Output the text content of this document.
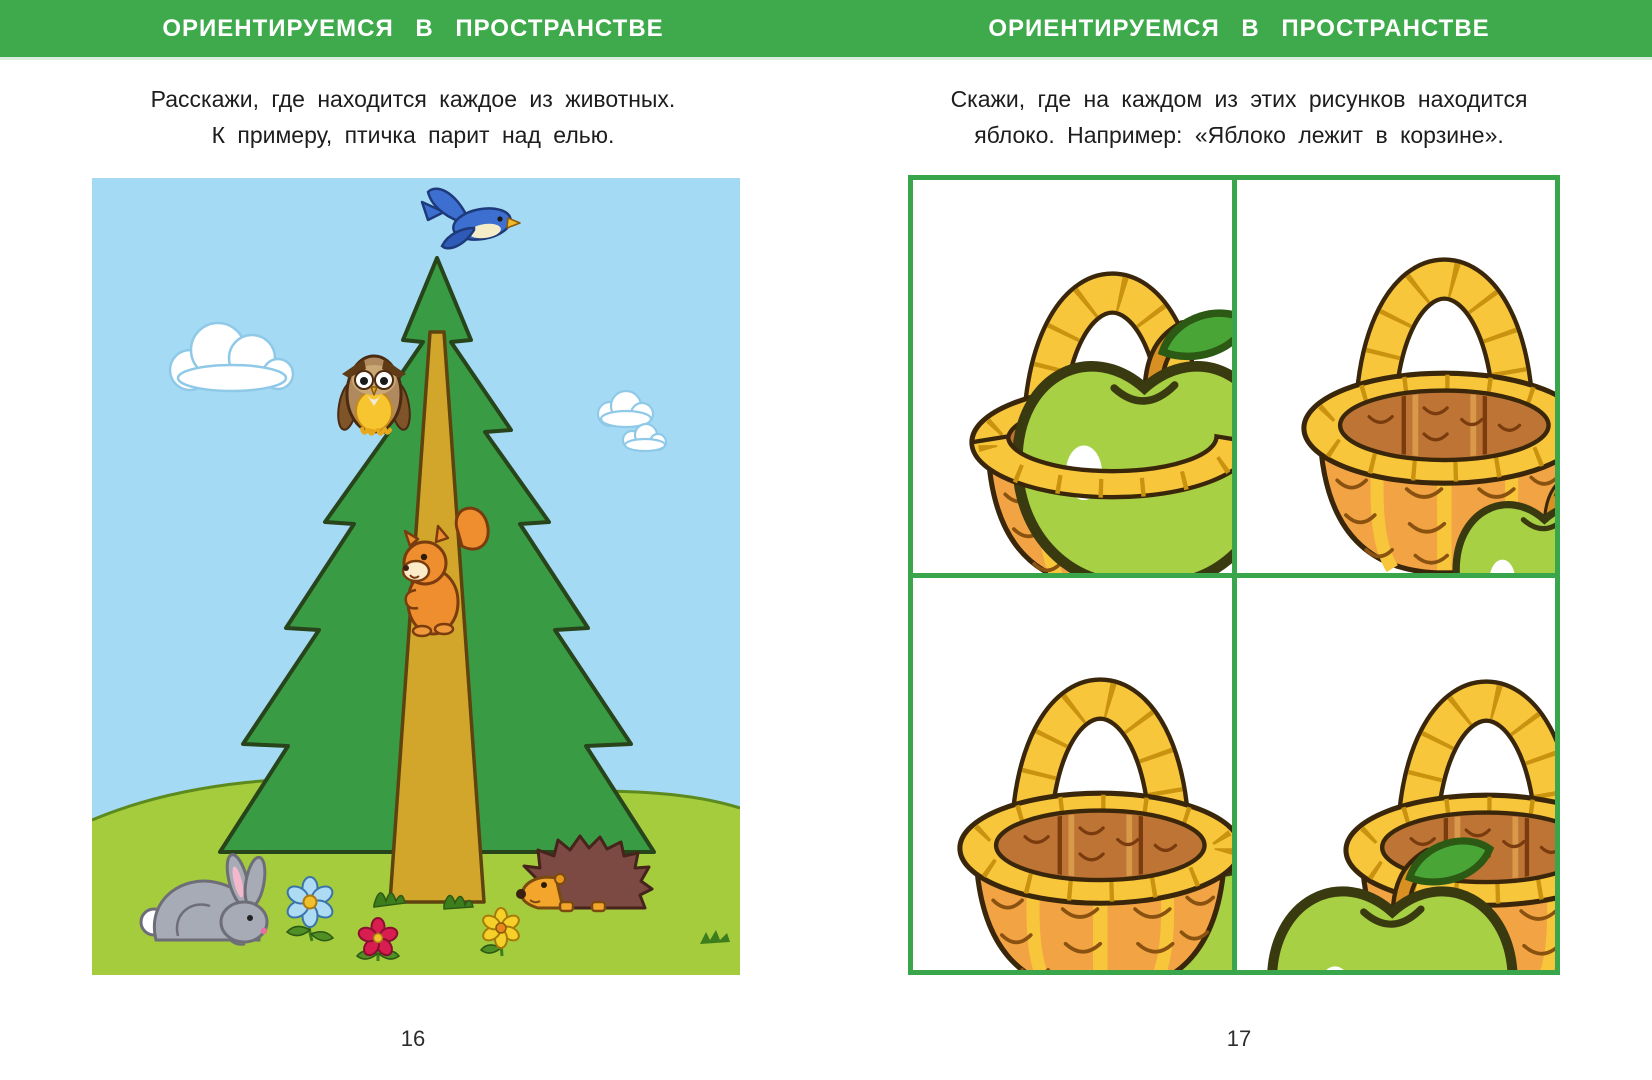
ОРИЕНТИРУЕМСЯ В ПРОСТРАНСТВЕ	ОРИЕНТИРУЕМСЯ В ПРОСТРАНСТВЕ
Расскажи, где находится каждое из животных.
К примеру, птичка парит над елью.
Скажи, где на каждом из этих рисунков находится
яблоко. Например: «Яблоко лежит в корзине».
16	17
